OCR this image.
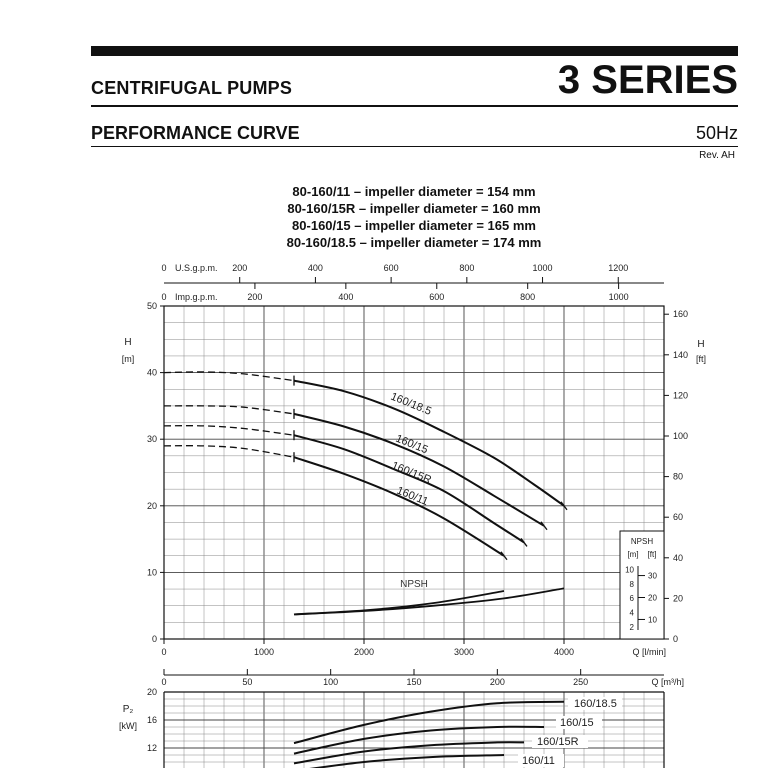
CENTRIFUGAL PUMPS	3 SERIES
PERFORMANCE CURVE	50Hz
Rev. AH
80-160/11 – impeller diameter = 154 mm
80-160/15R – impeller diameter = 160 mm
80-160/15 – impeller diameter = 165 mm
80-160/18.5 – impeller diameter = 174 mm
0	1000	2000	3000	4000	Q [l/min]
0
10
20
30
40
50
H
[m]
0
20
40
60
80
100
120
140
160
H
[ft]
0 U.S.g.p.m. 200	400	600	800	1000	1200
0 Imp.g.p.m.	200	400	600	800	1000
160/18.5
160/15
160/15R
160/11
NPSH
NPSH
[m] [ft]
2
4
6
8
10
10
20
30
0	50	100	150	200	250	Q [m³/h]
12
16
20
P₂
[kW]
160/18.5
160/15
160/15R
160/11
